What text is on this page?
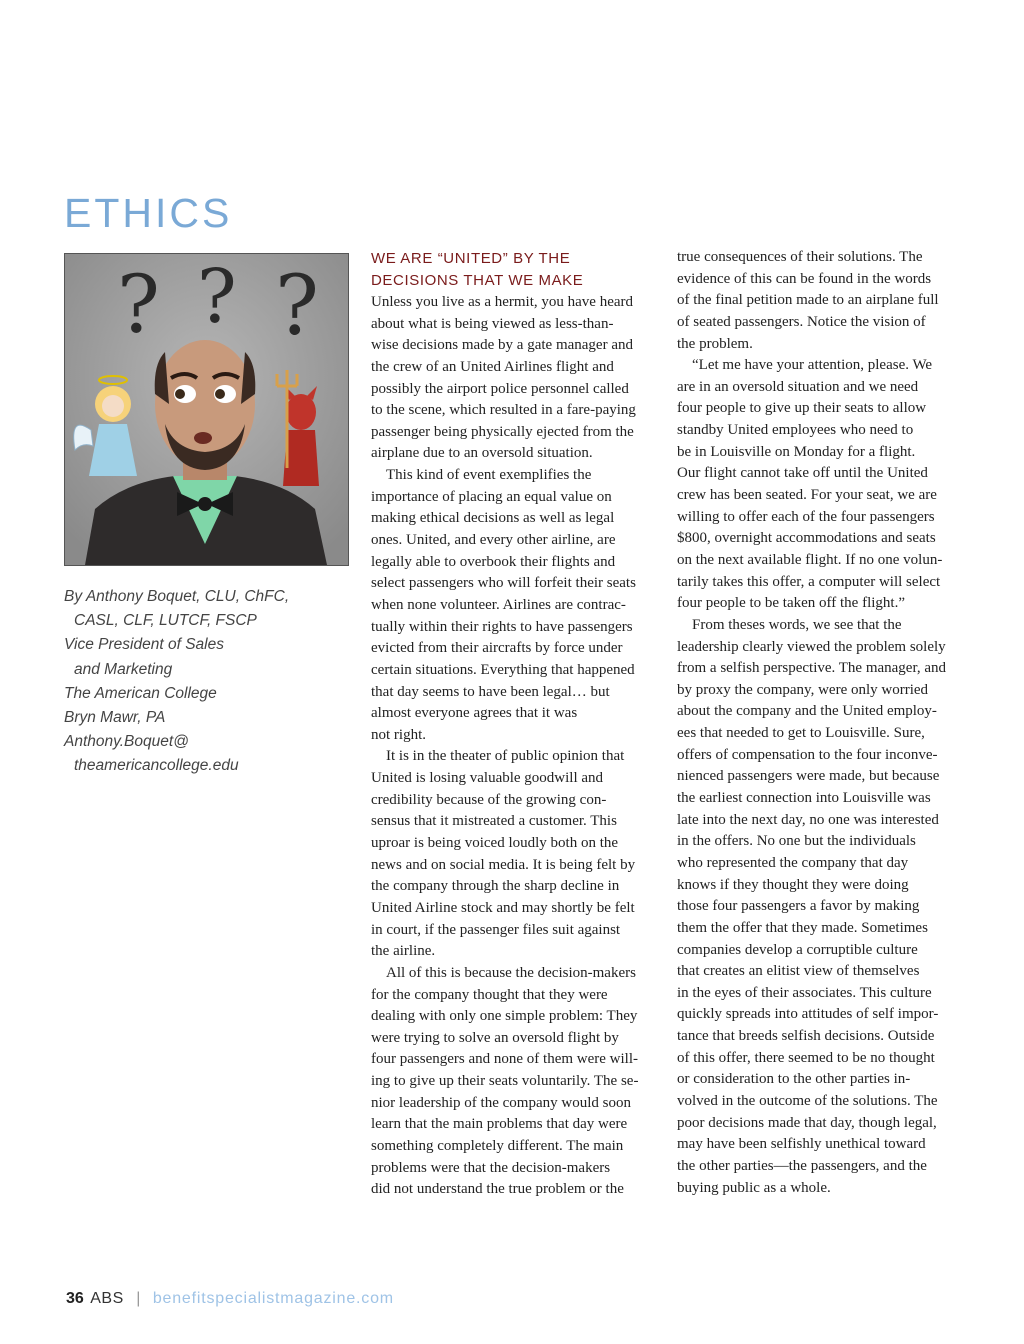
ETHICS
? ? ?
By Anthony Boquet, CLU, ChFC,
CASL, CLF, LUTCF, FSCP
Vice President of Sales
and Marketing
The American College
Bryn Mawr, PA
Anthony.Boquet@
theamericancollege.edu
WE ARE “UNITED” BY THE
DECISIONS THAT WE MAKE
Unless you live as a hermit, you have heard
about what is being viewed as less-than-
wise decisions made by a gate manager and
the crew of an United Airlines flight and
possibly the airport police personnel called
to the scene, which resulted in a fare-paying
passenger being physically ejected from the
airplane due to an oversold situation.
This kind of event exemplifies the
importance of placing an equal value on
making ethical decisions as well as legal
ones. United, and every other airline, are
legally able to overbook their flights and
select passengers who will forfeit their seats
when none volunteer. Airlines are contrac-
tually within their rights to have passengers
evicted from their aircrafts by force under
certain situations. Everything that happened
that day seems to have been legal… but
almost everyone agrees that it was
not right.
It is in the theater of public opinion that
United is losing valuable goodwill and
credibility because of the growing con-
sensus that it mistreated a customer. This
uproar is being voiced loudly both on the
news and on social media. It is being felt by
the company through the sharp decline in
United Airline stock and may shortly be felt
in court, if the passenger files suit against
the airline.
All of this is because the decision-makers
for the company thought that they were
dealing with only one simple problem: They
were trying to solve an oversold flight by
four passengers and none of them were will-
ing to give up their seats voluntarily. The se-
nior leadership of the company would soon
learn that the main problems that day were
something completely different. The main
problems were that the decision-makers
did not understand the true problem or the
true consequences of their solutions. The
evidence of this can be found in the words
of the final petition made to an airplane full
of seated passengers. Notice the vision of
the problem.
“Let me have your attention, please. We
are in an oversold situation and we need
four people to give up their seats to allow
standby United employees who need to
be in Louisville on Monday for a flight.
Our flight cannot take off until the United
crew has been seated. For your seat, we are
willing to offer each of the four passengers
$800, overnight accommodations and seats
on the next available flight. If no one volun-
tarily takes this offer, a computer will select
four people to be taken off the flight.”
From theses words, we see that the
leadership clearly viewed the problem solely
from a selfish perspective. The manager, and
by proxy the company, were only worried
about the company and the United employ-
ees that needed to get to Louisville. Sure,
offers of compensation to the four inconve-
nienced passengers were made, but because
the earliest connection into Louisville was
late into the next day, no one was interested
in the offers. No one but the individuals
who represented the company that day
knows if they thought they were doing
those four passengers a favor by making
them the offer that they made. Sometimes
companies develop a corruptible culture
that creates an elitist view of themselves
in the eyes of their associates. This culture
quickly spreads into attitudes of self impor-
tance that breeds selfish decisions. Outside
of this offer, there seemed to be no thought
or consideration to the other parties in-
volved in the outcome of the solutions. The
poor decisions made that day, though legal,
may have been selfishly unethical toward
the other parties—the passengers, and the
buying public as a whole.
36 ABS | benefitspecialistmagazine.com
